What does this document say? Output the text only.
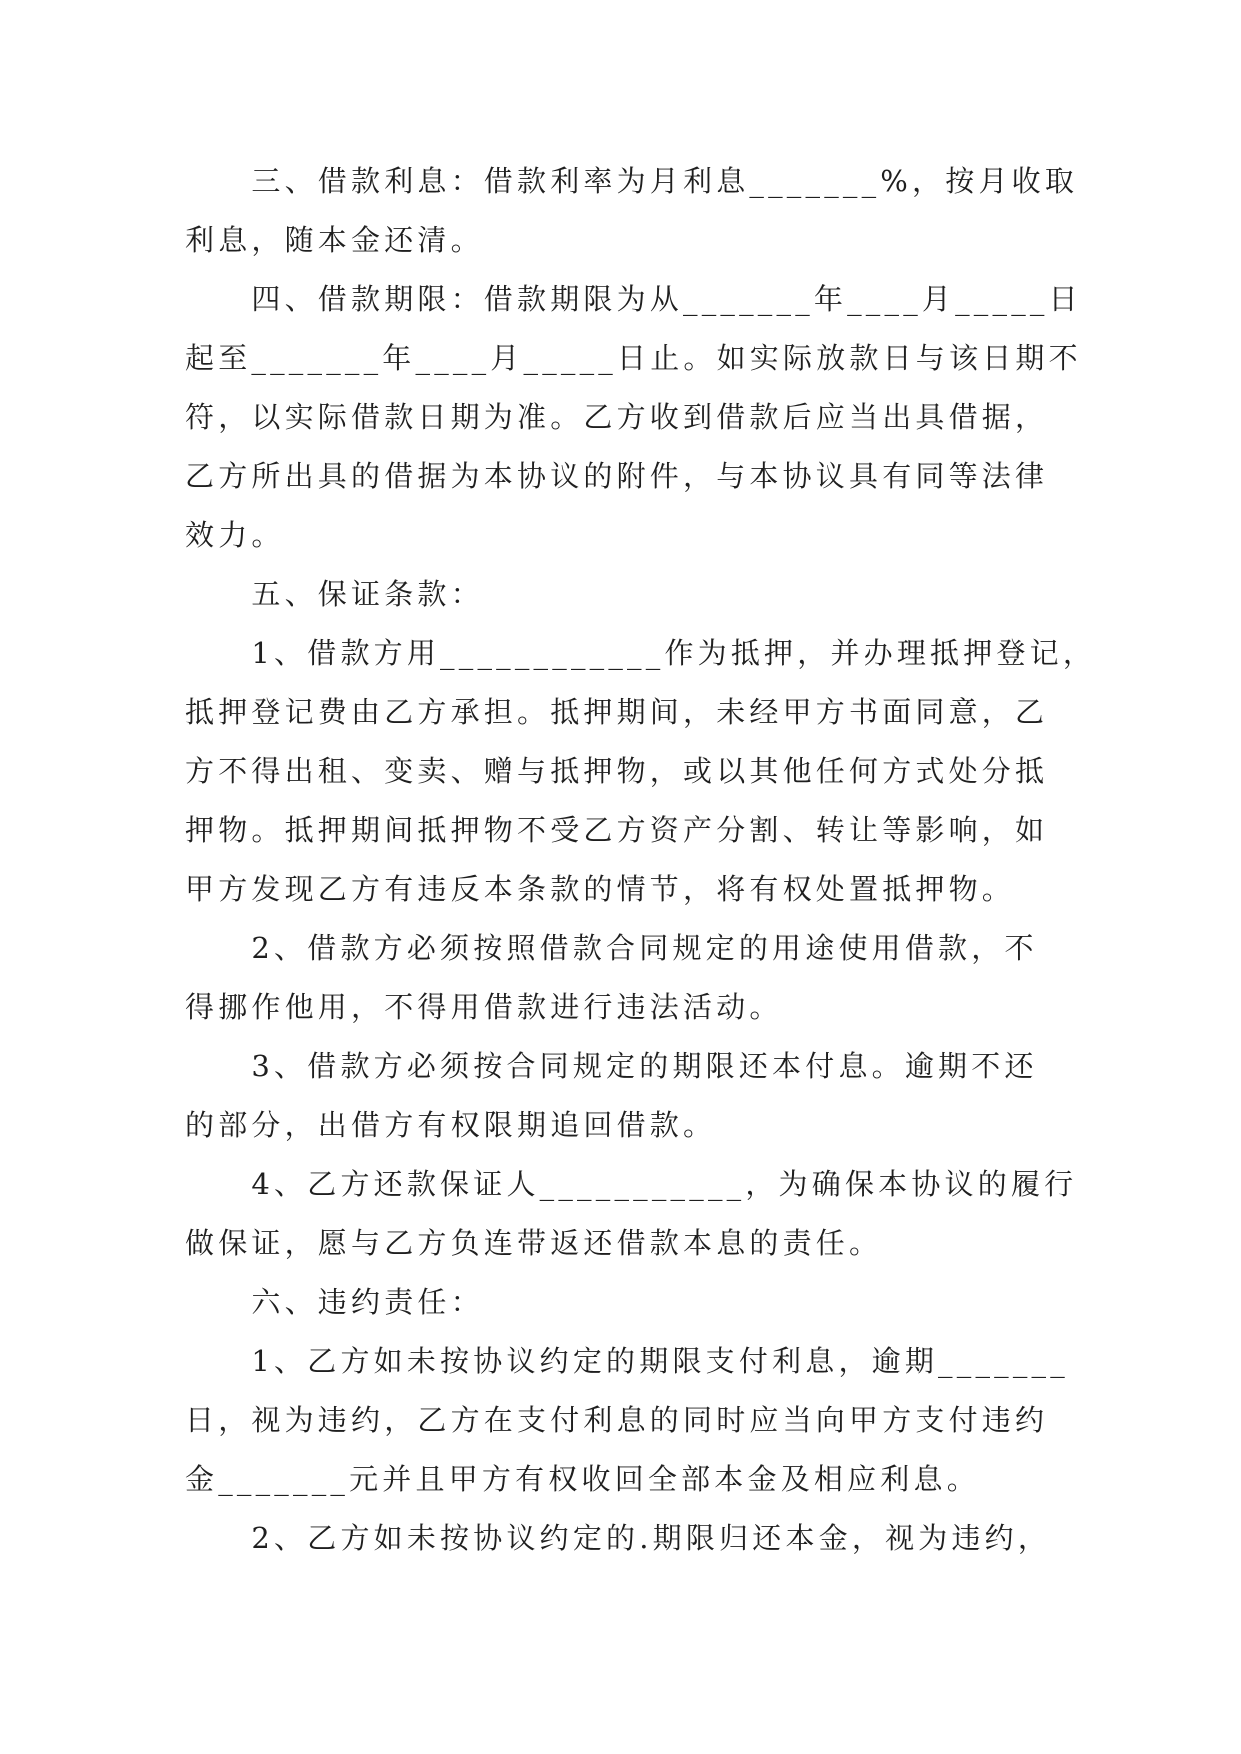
　　三、借款利息：借款利率为月利息_______%，按月收取
利息，随本金还清。
　　四、借款期限：借款期限为从_______年____月_____日
起至_______年____月_____日止。如实际放款日与该日期不
符，以实际借款日期为准。乙方收到借款后应当出具借据，
乙方所出具的借据为本协议的附件，与本协议具有同等法律
效力。
　　五、保证条款：
　　1、借款方用____________作为抵押，并办理抵押登记，
抵押登记费由乙方承担。抵押期间，未经甲方书面同意，乙
方不得出租、变卖、赠与抵押物，或以其他任何方式处分抵
押物。抵押期间抵押物不受乙方资产分割、转让等影响，如
甲方发现乙方有违反本条款的情节，将有权处置抵押物。
　　2、借款方必须按照借款合同规定的用途使用借款，不
得挪作他用，不得用借款进行违法活动。
　　3、借款方必须按合同规定的期限还本付息。逾期不还
的部分，出借方有权限期追回借款。
　　4、乙方还款保证人___________，为确保本协议的履行
做保证，愿与乙方负连带返还借款本息的责任。
　　六、违约责任：
　　1、乙方如未按协议约定的期限支付利息，逾期_______
日，视为违约，乙方在支付利息的同时应当向甲方支付违约
金_______元并且甲方有权收回全部本金及相应利息。
　　2、乙方如未按协议约定的.期限归还本金，视为违约，
